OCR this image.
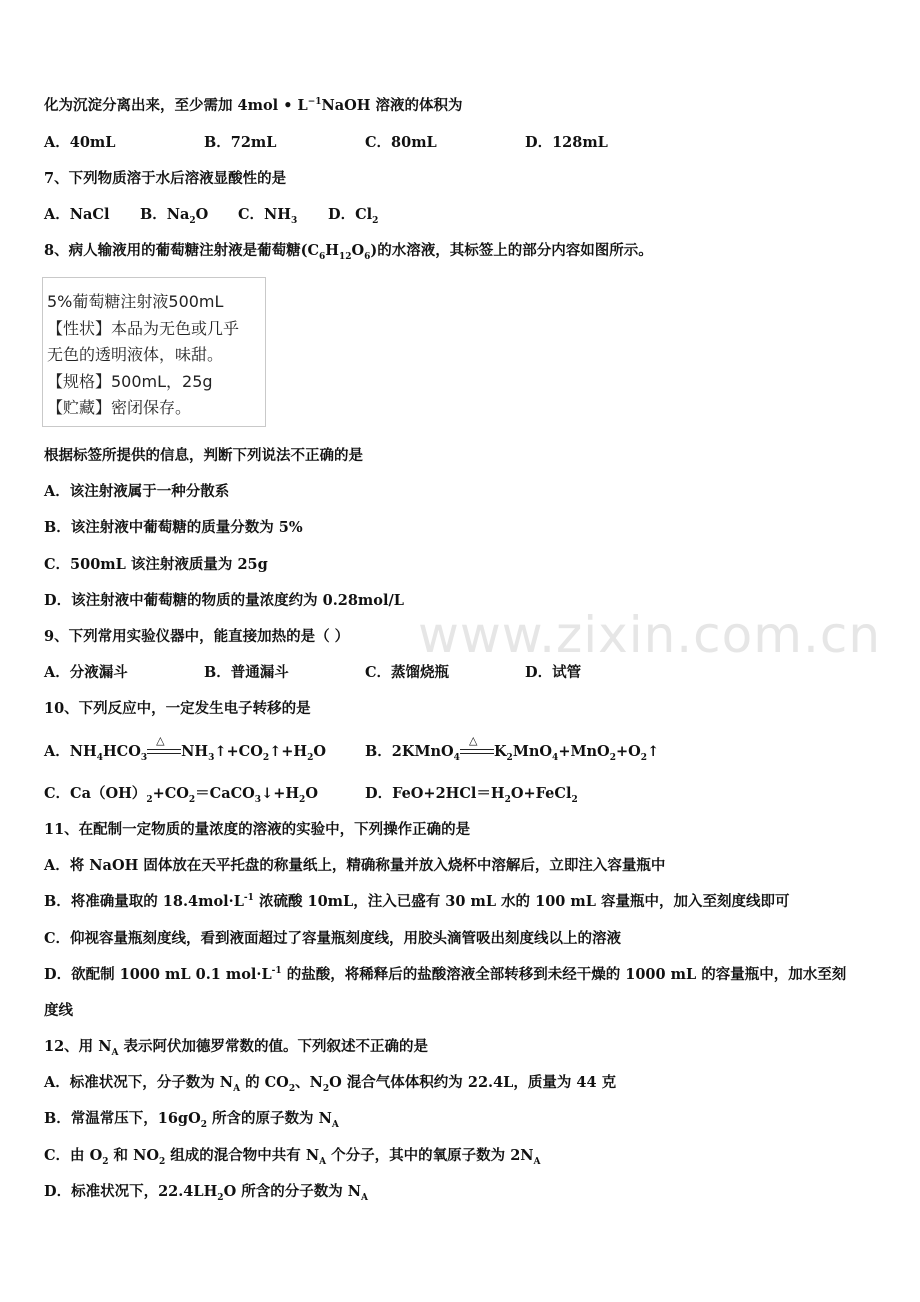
www.zixin.com.cn
化为沉淀分离出来，至少需加 4mol • $L^{-1}NaOH$ 溶液的体积为
A．40mL	B．72mL	C．80mL	D．128mL
7、下列物质溶于水后溶液显酸性的是
A．NaCl B．$Na_2O$ C．$NH_3$ D．$Cl_2$
8、病人输液用的葡萄糖注射液是葡萄糖$(C_6H_{12}O_6)$的水溶液，其标签上的部分内容如图所示。
5%葡萄糖注射液500mL
【性状】本品为无色或几乎
无色的透明液体，味甜。
【规格】500mL，25g
【贮藏】密闭保存。
根据标签所提供的信息，判断下列说法不正确的是
A．该注射液属于一种分散系
B．该注射液中葡萄糖的质量分数为 5%
C．500mL 该注射液质量为 25g
D．该注射液中葡萄糖的物质的量浓度约为 0.28mol/L
9、下列常用实验仪器中，能直接加热的是（ ）
A．分液漏斗	B．普通漏斗	C．蒸馏烧瓶	D．试管
10、下列反应中，一定发生电子转移的是
A．$NH_4HCO_3$
△
$NH_3↑+CO_2↑+H_2O$	B．2KMnO$_4$
△
$K_2MnO_4+MnO_2+O_2↑$
C．$Ca(OH)_2+CO_2=CaCO_3↓+H_2O$	D．$FeO+2HCl=H_2O+FeCl_2$
11、在配制一定物质的量浓度的溶液的实验中，下列操作正确的是
A．将 NaOH 固体放在天平托盘的称量纸上，精确称量并放入烧杯中溶解后，立即注入容量瓶中
B．将准确量取的 $18.4mol\cdot L^{-1}$ 浓硫酸 10mL，注入已盛有 30 mL 水的 100 mL 容量瓶中，加入至刻度线即可
C．仰视容量瓶刻度线，看到液面超过了容量瓶刻度线，用胶头滴管吸出刻度线以上的溶液
D．欲配制 1000 mL 0.1 $mol\cdot L^{-1}$ 的盐酸，将稀释后的盐酸溶液全部转移到未经干燥的 1000 mL 的容量瓶中，加水至刻
度线
12、用 $N_A$ 表示阿伏加德罗常数的值。下列叙述不正确的是
A．标准状况下，分子数为 $N_A$ 的 $CO_2$、$N_2O$ 混合气体体积约为 22.4L，质量为 44 克
B．常温常压下，$16gO_2$ 所含的原子数为 $N_A$
C．由 $O_2$ 和 $NO_2$ 组成的混合物中共有 $N_A$ 个分子，其中的氧原子数为 $2N_A$
D．标准状况下，$22.4LH_2O$ 所含的分子数为 $N_A$
